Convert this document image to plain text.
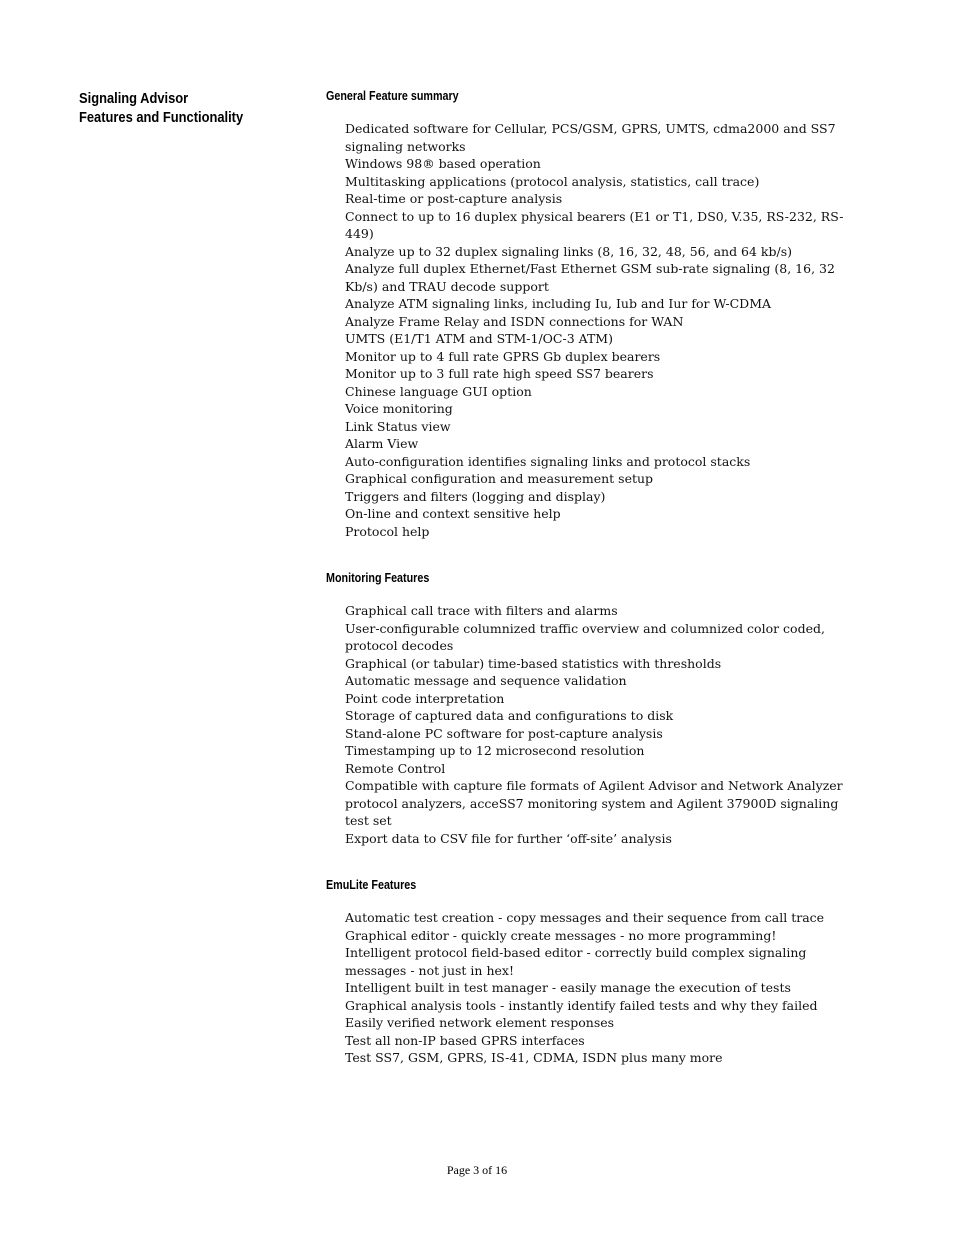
Signaling Advisor
Features and Functionality
General Feature summary
Dedicated software for Cellular, PCS/GSM, GPRS, UMTS, cdma2000 and SS7 signaling networks
Windows 98® based operation
Multitasking applications (protocol analysis, statistics, call trace)
Real-time or post-capture analysis
Connect to up to 16 duplex physical bearers (E1 or T1, DS0, V.35, RS-232, RS-449)
Analyze up to 32 duplex signaling links (8, 16, 32, 48, 56, and 64 kb/s)
Analyze full duplex Ethernet/Fast Ethernet GSM sub-rate signaling (8, 16, 32 Kb/s) and TRAU decode support
Analyze ATM signaling links, including Iu, Iub and Iur for W-CDMA
Analyze Frame Relay and ISDN connections for WAN
UMTS (E1/T1 ATM and STM-1/OC-3 ATM)
Monitor up to 4 full rate GPRS Gb duplex bearers
Monitor up to 3 full rate high speed SS7 bearers
Chinese language GUI option
Voice monitoring
Link Status view
Alarm View
Auto-configuration identifies signaling links and protocol stacks
Graphical configuration and measurement setup
Triggers and filters (logging and display)
On-line and context sensitive help
Protocol help
Monitoring Features
Graphical call trace with filters and alarms
User-configurable columnized traffic overview and columnized color coded, protocol decodes
Graphical (or tabular) time-based statistics with thresholds
Automatic message and sequence validation
Point code interpretation
Storage of captured data and configurations to disk
Stand-alone PC software for post-capture analysis
Timestamping up to 12 microsecond resolution
Remote Control
Compatible with capture file formats of Agilent Advisor and Network Analyzer protocol analyzers, acceSS7 monitoring system and Agilent 37900D signaling test set
Export data to CSV file for further ‘off-site’ analysis
EmuLite Features
Automatic test creation - copy messages and their sequence from call trace
Graphical editor - quickly create messages - no more programming!
Intelligent protocol field-based editor - correctly build complex signaling messages - not just in hex!
Intelligent built in test manager - easily manage the execution of tests
Graphical analysis tools - instantly identify failed tests and why they failed
Easily verified network element responses
Test all non-IP based GPRS interfaces
Test SS7, GSM, GPRS, IS-41, CDMA, ISDN plus many more
Page 3 of 16
